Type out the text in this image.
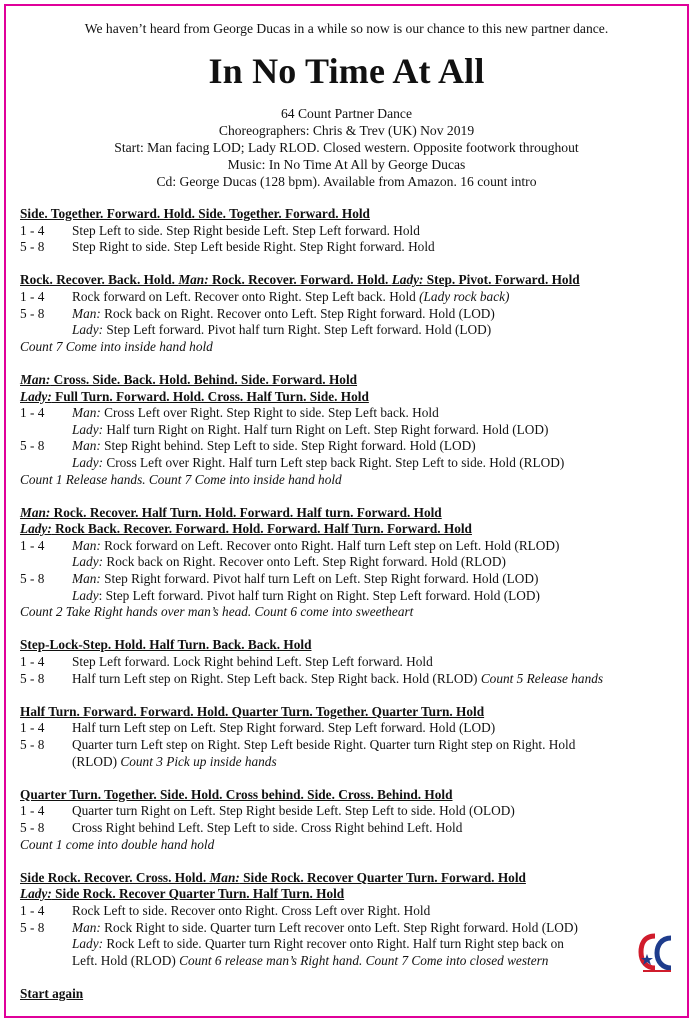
We haven’t heard from George Ducas in a while so now is our chance to this new partner dance.
In No Time At All
64 Count Partner Dance
Choreographers: Chris & Trev (UK) Nov 2019
Start: Man facing LOD; Lady RLOD. Closed western. Opposite footwork throughout
Music: In No Time At All by George Ducas
Cd: George Ducas (128 bpm). Available from Amazon. 16 count intro
Side. Together. Forward. Hold. Side. Together. Forward. Hold
1 - 4	Step Left to side. Step Right beside Left. Step Left forward. Hold
5 - 8	Step Right to side. Step Left beside Right. Step Right forward. Hold
Rock. Recover. Back. Hold. Man: Rock. Recover. Forward. Hold. Lady: Step. Pivot. Forward. Hold
1 - 4	Rock forward on Left. Recover onto Right. Step Left back. Hold (Lady rock back)
5 - 8	Man: Rock back on Right. Recover onto Left. Step Right forward. Hold (LOD)
Lady: Step Left forward. Pivot half turn Right. Step Left forward. Hold (LOD)
Count 7 Come into inside hand hold
Man: Cross. Side. Back. Hold. Behind. Side. Forward. Hold
Lady: Full Turn. Forward. Hold. Cross. Half Turn. Side. Hold
1 - 4	Man: Cross Left over Right. Step Right to side. Step Left back. Hold
Lady: Half turn Right on Right. Half turn Right on Left. Step Right forward. Hold (LOD)
5 - 8	Man: Step Right behind. Step Left to side. Step Right forward. Hold (LOD)
Lady: Cross Left over Right. Half turn Left step back Right. Step Left to side. Hold (RLOD)
Count 1 Release hands. Count 7 Come into inside hand hold
Man: Rock. Recover. Half Turn. Hold. Forward. Half turn. Forward. Hold
Lady: Rock Back. Recover. Forward. Hold. Forward. Half Turn. Forward. Hold
1 - 4	Man: Rock forward on Left. Recover onto Right. Half turn Left step on Left. Hold (RLOD)
Lady: Rock back on Right. Recover onto Left. Step Right forward. Hold (RLOD)
5 - 8	Man: Step Right forward. Pivot half turn Left on Left. Step Right forward. Hold (LOD)
Lady: Step Left forward. Pivot half turn Right on Right. Step Left forward. Hold (LOD)
Count 2 Take Right hands over man’s head. Count 6 come into sweetheart
Step-Lock-Step. Hold. Half Turn. Back. Back. Hold
1 - 4	Step Left forward. Lock Right behind Left. Step Left forward. Hold
5 - 8	Half turn Left step on Right. Step Left back. Step Right back. Hold (RLOD) Count 5 Release hands
Half Turn. Forward. Forward. Hold. Quarter Turn. Together. Quarter Turn. Hold
1 - 4	Half turn Left step on Left. Step Right forward. Step Left forward. Hold (LOD)
5 - 8	Quarter turn Left step on Right. Step Left beside Right. Quarter turn Right step on Right. Hold
(RLOD) Count 3 Pick up inside hands
Quarter Turn. Together. Side. Hold. Cross behind. Side. Cross. Behind. Hold
1 - 4	Quarter turn Right on Left. Step Right beside Left. Step Left to side. Hold (OLOD)
5 - 8	Cross Right behind Left. Step Left to side. Cross Right behind Left. Hold
Count 1 come into double hand hold
Side Rock. Recover. Cross. Hold. Man: Side Rock. Recover Quarter Turn. Forward. Hold
Lady: Side Rock. Recover Quarter Turn. Half Turn. Hold
1 - 4	Rock Left to side. Recover onto Right. Cross Left over Right. Hold
5 - 8	Man: Rock Right to side. Quarter turn Left recover onto Left. Step Right forward. Hold (LOD)
Lady: Rock Left to side. Quarter turn Right recover onto Right. Half turn Right step back on
Left. Hold (RLOD) Count 6 release man’s Right hand. Count 7 Come into closed western
Start again
